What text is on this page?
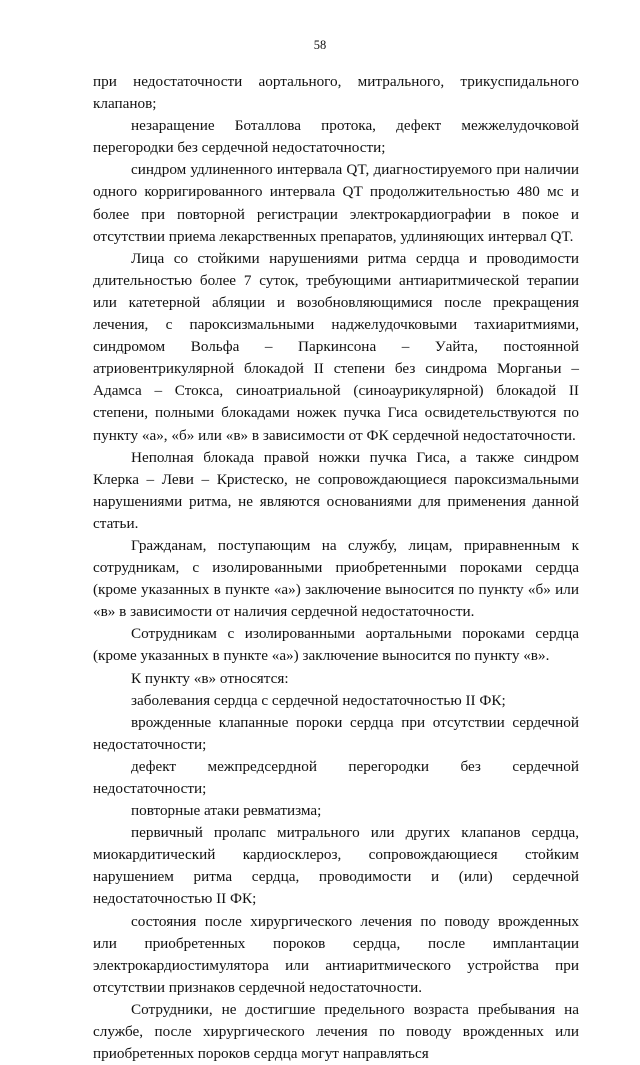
58

при недостаточности аортального, митрального, трикуспидального клапанов;

незаращение Боталлова протока, дефект межжелудочковой перегородки без сердечной недостаточности;

синдром удлиненного интервала QT, диагностируемого при наличии одного корригированного интервала QT продолжительностью 480 мс и более при повторной регистрации электрокардиографии в покое и отсутствии приема лекарственных препаратов, удлиняющих интервал QT.

Лица со стойкими нарушениями ритма сердца и проводимости длительностью более 7 суток, требующими антиаритмической терапии или катетерной абляции и возобновляющимися после прекращения лечения, с пароксизмальными наджелудочковыми тахиаритмиями, синдромом Вольфа – Паркинсона – Уайта, постоянной атриовентрикулярной блокадой II степени без синдрома Морганьи – Адамса – Стокса, синоатриальной (синоаурикулярной) блокадой II степени, полными блокадами ножек пучка Гиса освидетельствуются по пункту «а», «б» или «в» в зависимости от ФК сердечной недостаточности.

Неполная блокада правой ножки пучка Гиса, а также синдром Клерка – Леви – Кристеско, не сопровождающиеся пароксизмальными нарушениями ритма, не являются основаниями для применения данной статьи.

Гражданам, поступающим на службу, лицам, приравненным к сотрудникам, с изолированными приобретенными пороками сердца (кроме указанных в пункте «а») заключение выносится по пункту «б» или «в» в зависимости от наличия сердечной недостаточности.

Сотрудникам с изолированными аортальными пороками сердца (кроме указанных в пункте «а») заключение выносится по пункту «в».

К пункту «в» относятся:

заболевания сердца с сердечной недостаточностью II ФК;

врожденные клапанные пороки сердца при отсутствии сердечной недостаточности;

дефект межпредсердной перегородки без сердечной недостаточности;

повторные атаки ревматизма;

первичный пролапс митрального или других клапанов сердца, миокардитический кардиосклероз, сопровождающиеся стойким нарушением ритма сердца, проводимости и (или) сердечной недостаточностью II ФК;

состояния после хирургического лечения по поводу врожденных или приобретенных пороков сердца, после имплантации электрокардиостимулятора или антиаритмического устройства при отсутствии признаков сердечной недостаточности.

Сотрудники, не достигшие предельного возраста пребывания на службе, после хирургического лечения по поводу врожденных или приобретенных пороков сердца могут направляться
